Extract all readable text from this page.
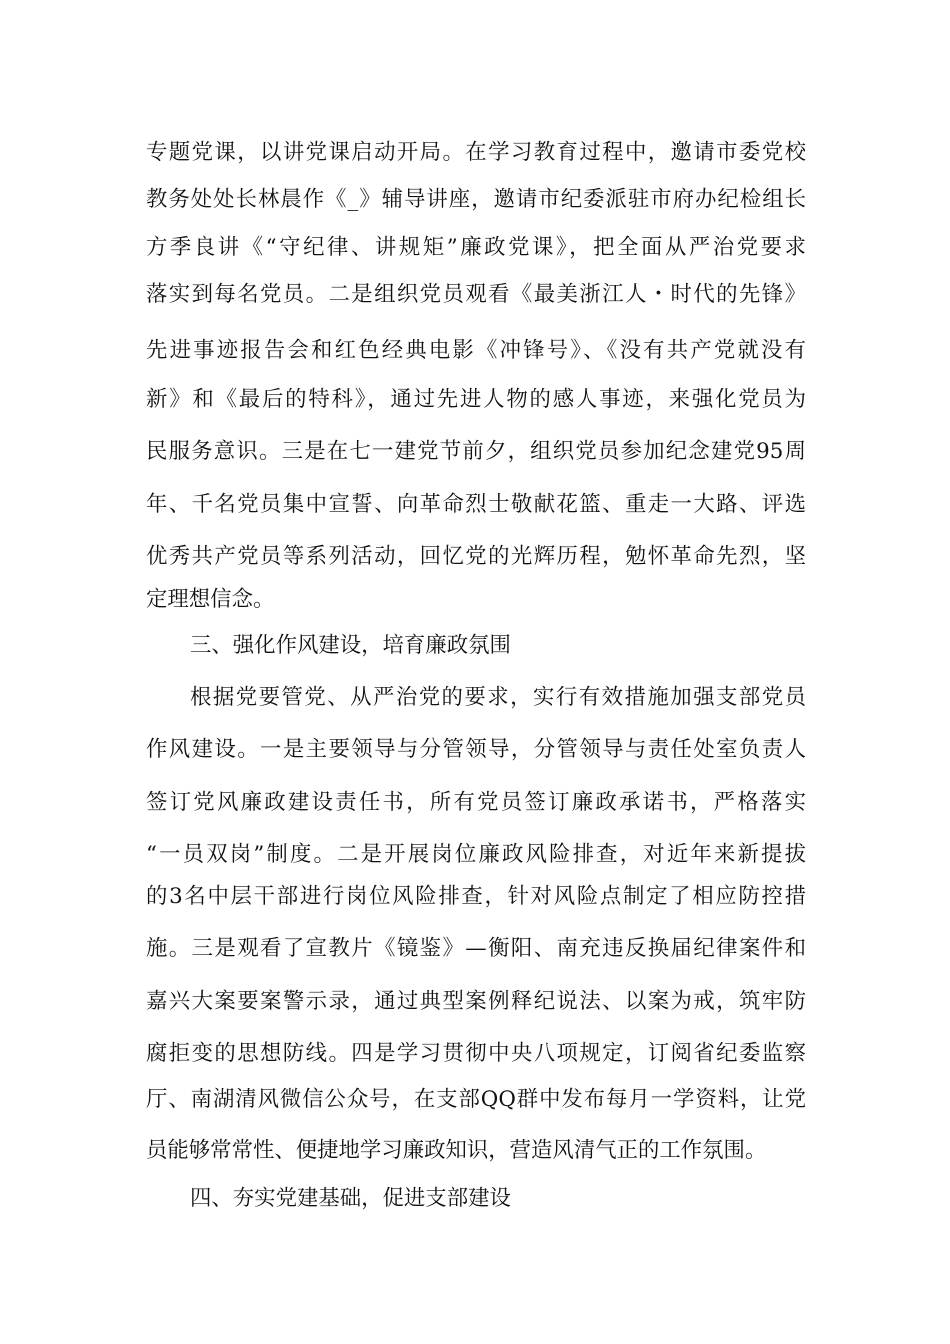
专题党课，以讲党课启动开局。在学习教育过程中，邀请市委党校
教务处处长林晨作《_》辅导讲座，邀请市纪委派驻市府办纪检组长
方季良讲《“守纪律、讲规矩”廉政党课》，把全面从严治党要求
落实到每名党员。二是组织党员观看《最美浙江人・时代的先锋》
先进事迹报告会和红色经典电影《冲锋号》、《没有共产党就没有
新》和《最后的特科》，通过先进人物的感人事迹，来强化党员为
民服务意识。三是在七一建党节前夕，组织党员参加纪念建党95周
年、千名党员集中宣誓、向革命烈士敬献花篮、重走一大路、评选
优秀共产党员等系列活动，回忆党的光辉历程，勉怀革命先烈，坚
定理想信念。
三、强化作风建设，培育廉政氛围
根据党要管党、从严治党的要求，实行有效措施加强支部党员
作风建设。一是主要领导与分管领导，分管领导与责任处室负责人
签订党风廉政建设责任书，所有党员签订廉政承诺书，严格落实
“一员双岗”制度。二是开展岗位廉政风险排查，对近年来新提拔
的3名中层干部进行岗位风险排查，针对风险点制定了相应防控措
施。三是观看了宣教片《镜鉴》—衡阳、南充违反换届纪律案件和
嘉兴大案要案警示录，通过典型案例释纪说法、以案为戒，筑牢防
腐拒变的思想防线。四是学习贯彻中央八项规定，订阅省纪委监察
厅、南湖清风微信公众号，在支部QQ群中发布每月一学资料，让党
员能够常常性、便捷地学习廉政知识，营造风清气正的工作氛围。
四、夯实党建基础，促进支部建设
